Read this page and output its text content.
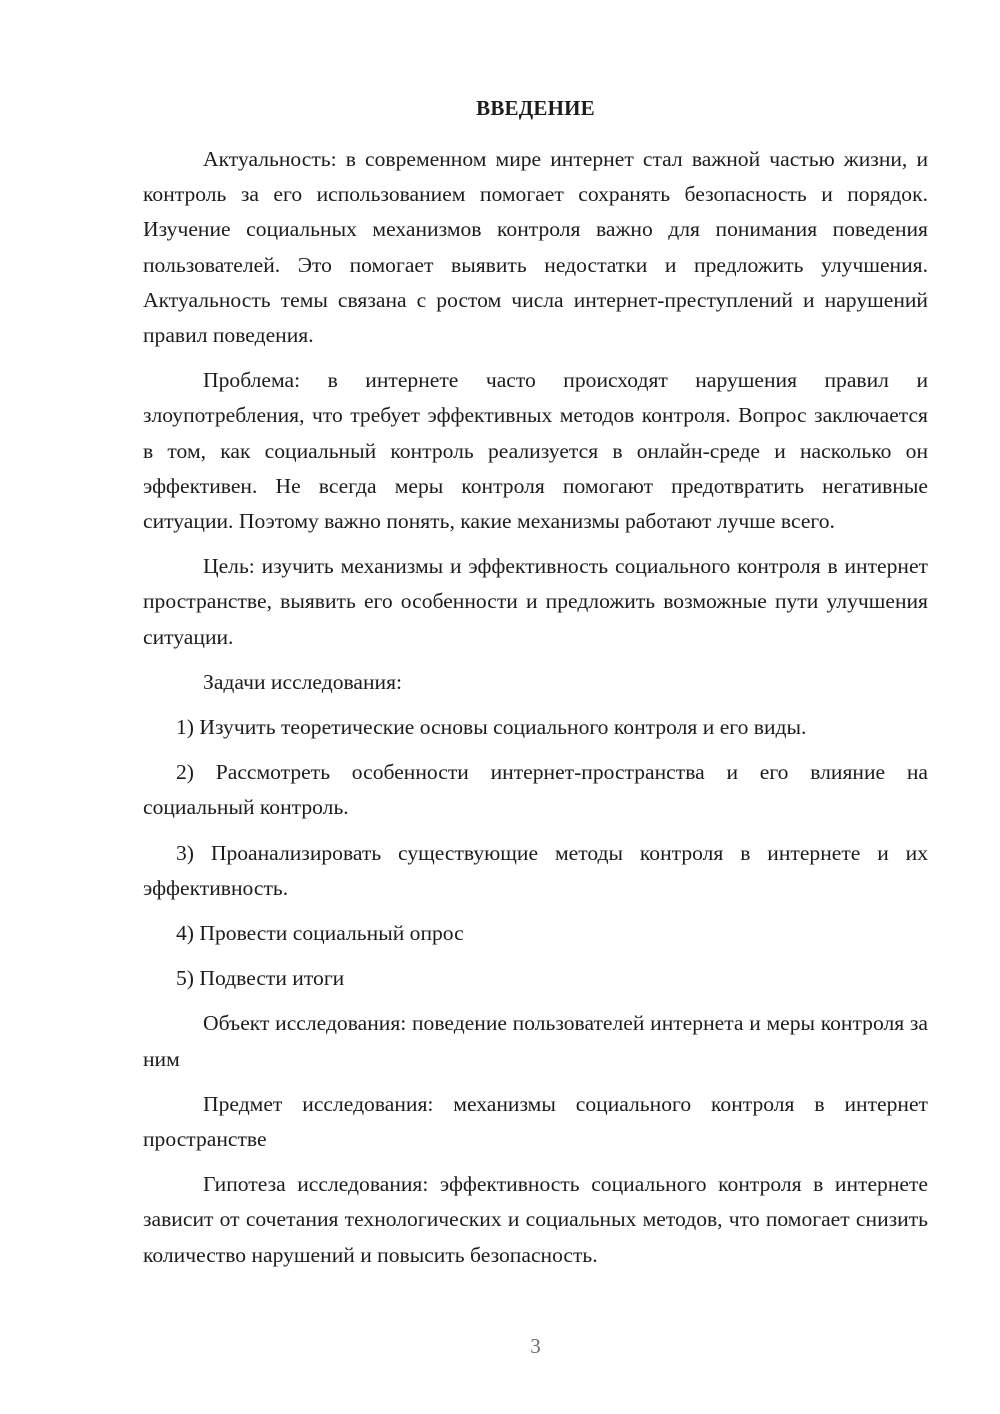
ВВЕДЕНИЕ

Актуальность: в современном мире интернет стал важной частью жизни, и контроль за его использованием помогает сохранять безопасность и порядок. Изучение социальных механизмов контроля важно для понимания поведения пользователей. Это помогает выявить недостатки и предложить улучшения. Актуальность темы связана с ростом числа интернет-преступлений и нарушений правил поведения.

Проблема: в интернете часто происходят нарушения правил и злоупотребления, что требует эффективных методов контроля. Вопрос заключается в том, как социальный контроль реализуется в онлайн-среде и насколько он эффективен. Не всегда меры контроля помогают предотвратить негативные ситуации. Поэтому важно понять, какие механизмы работают лучше всего.

Цель: изучить механизмы и эффективность социального контроля в интернет пространстве, выявить его особенности и предложить возможные пути улучшения ситуации.

Задачи исследования:

1) Изучить теоретические основы социального контроля и его виды.

2) Рассмотреть особенности интернет-пространства и его влияние на социальный контроль.

3) Проанализировать существующие методы контроля в интернете и их эффективность.

4) Провести социальный опрос

5) Подвести итоги

Объект исследования: поведение пользователей интернета и меры контроля за ним

Предмет исследования: механизмы социального контроля в интернет пространстве

Гипотеза исследования: эффективность социального контроля в интернете зависит от сочетания технологических и социальных методов, что помогает снизить количество нарушений и повысить безопасность.

3
